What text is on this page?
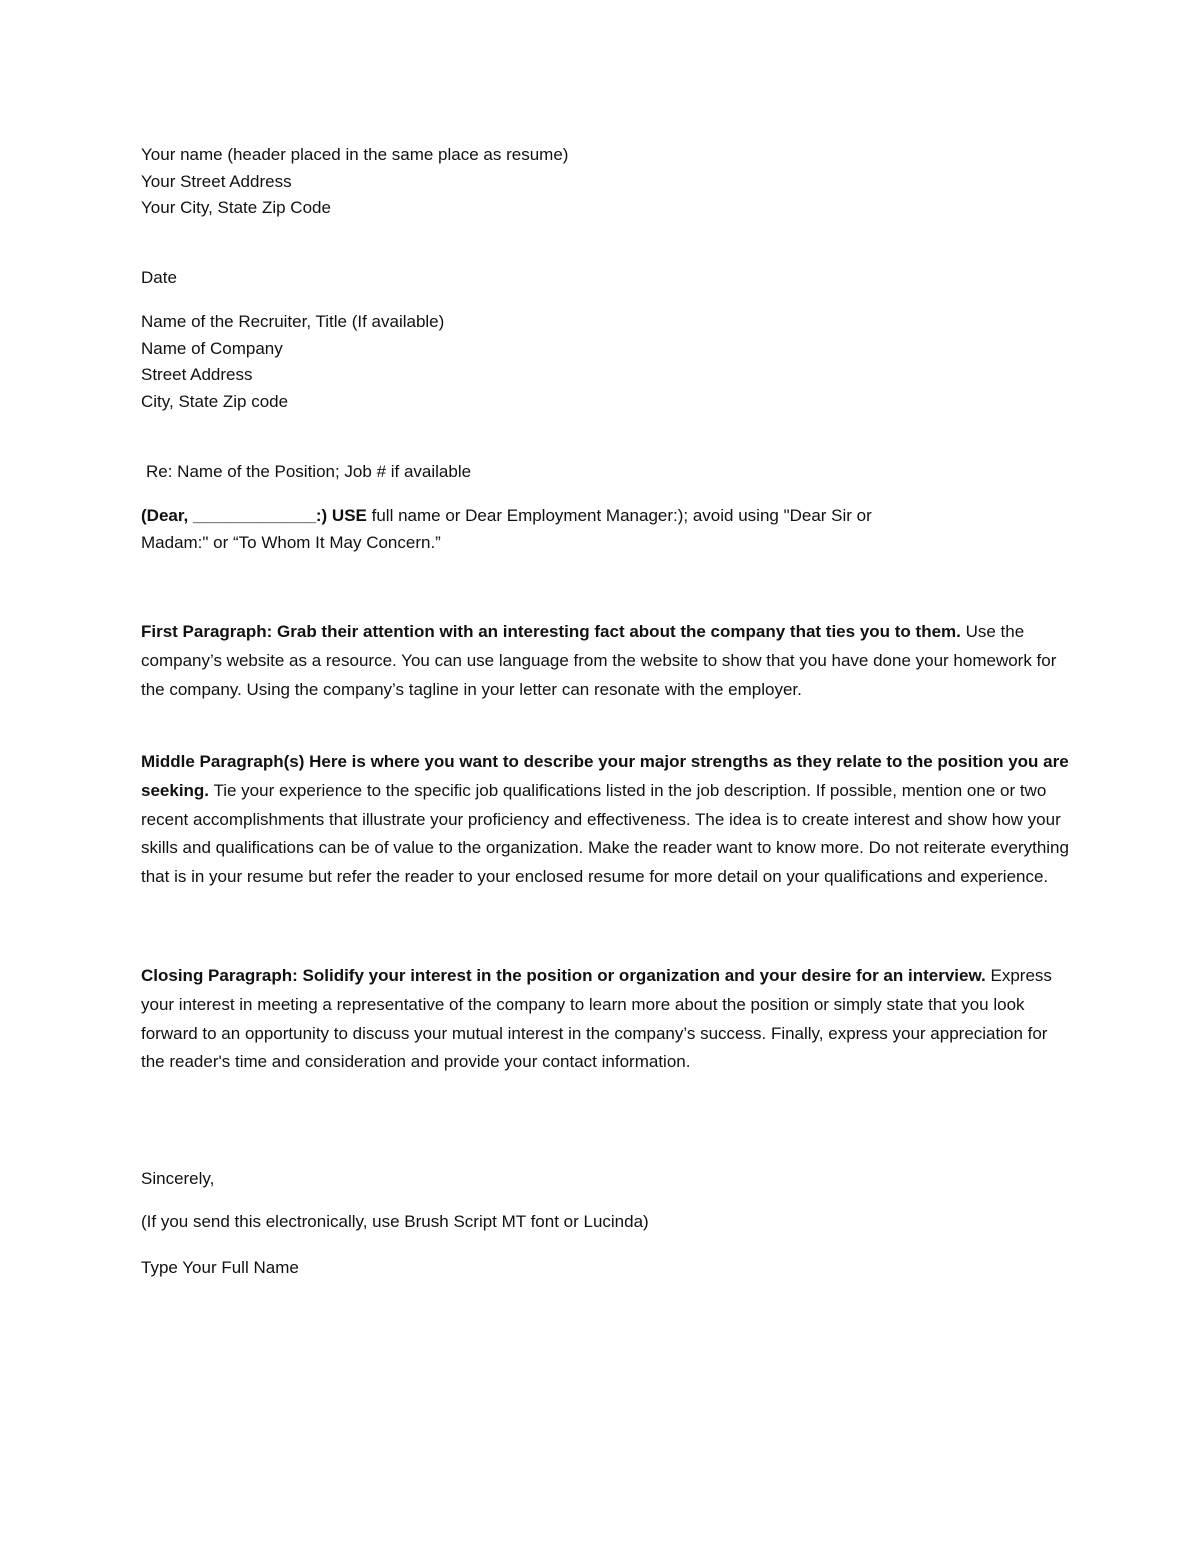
Your name (header placed in the same place as resume)
Your Street Address
Your City, State Zip Code
Date
Name of the Recruiter, Title (If available)
Name of Company
Street Address
City, State Zip code
Re: Name of the Position; Job # if available
(Dear, _____________:) USE full name or Dear Employment Manager:); avoid using "Dear Sir or
Madam:" or “To Whom It May Concern.”

First Paragraph: Grab their attention with an interesting fact about the company that ties you to them. Use the company’s website as a resource. You can use language from the website to show that you have done your homework for the company. Using the company’s tagline in your letter can resonate with the employer.

Middle Paragraph(s) Here is where you want to describe your major strengths as they relate to the position you are seeking. Tie your experience to the specific job qualifications listed in the job description. If possible, mention one or two recent accomplishments that illustrate your proficiency and effectiveness. The idea is to create interest and show how your skills and qualifications can be of value to the organization. Make the reader want to know more. Do not reiterate everything that is in your resume but refer the reader to your enclosed resume for more detail on your qualifications and experience.

Closing Paragraph: Solidify your interest in the position or organization and your desire for an interview. Express your interest in meeting a representative of the company to learn more about the position or simply state that you look forward to an opportunity to discuss your mutual interest in the company’s success. Finally, express your appreciation for the reader's time and consideration and provide your contact information.

Sincerely,
(If you send this electronically, use Brush Script MT font or Lucinda)
Type Your Full Name
